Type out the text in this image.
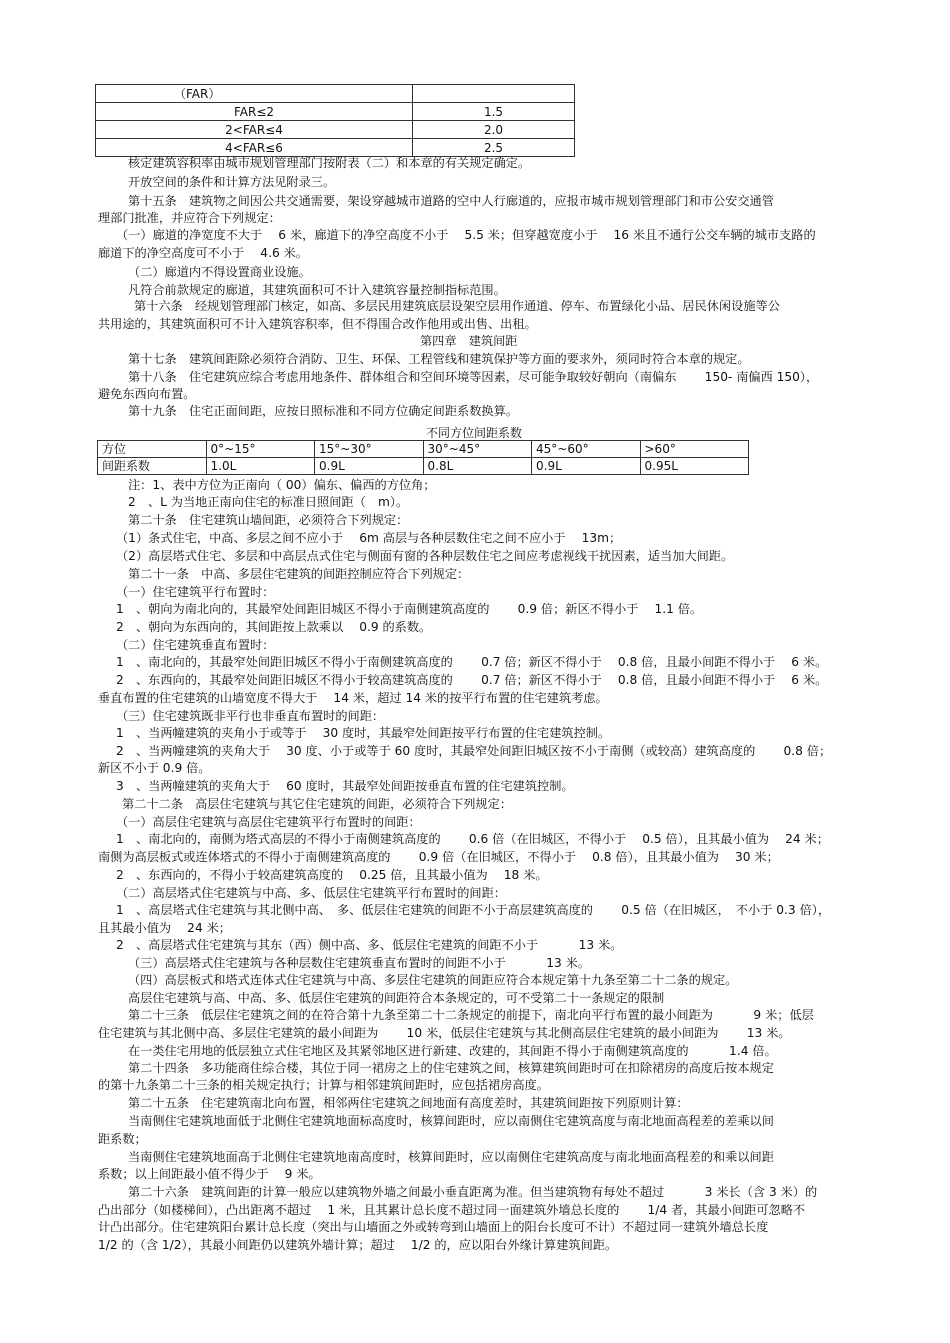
（FAR）	
FAR≤2	1.5
2<FAR≤4	2.0
4<FAR≤6	2.5
核定建筑容积率由城市规划管理部门按附表（二）和本章的有关规定确定。
开放空间的条件和计算方法见附录三。
第十五条　建筑物之间因公共交通需要，架设穿越城市道路的空中人行廊道的，应报市城市规划管理部门和市公安交通管
理部门批准，并应符合下列规定：
（一）廊道的净宽度不大于　 6 米，廊道下的净空高度不小于　 5.5 米；但穿越宽度小于　 16 米且不通行公交车辆的城市支路的
廊道下的净空高度可不小于　 4.6 米。
（二）廊道内不得设置商业设施。
凡符合前款规定的廊道，其建筑面积可不计入建筑容量控制指标范围。
第十六条　经规划管理部门核定，如高、多层民用建筑底层设架空层用作通道、停车、布置绿化小品、居民休闲设施等公
共用途的，其建筑面积可不计入建筑容积率，但不得围合改作他用或出售、出租。
第四章　建筑间距
第十七条　建筑间距除必须符合消防、卫生、环保、工程管线和建筑保护等方面的要求外，须同时符合本章的规定。
第十八条　住宅建筑应综合考虑用地条件、群体组合和空间环境等因素，尽可能争取较好朝向（南偏东　　 150- 南偏西 150），
避免东西向布置。
第十九条　住宅正面间距，应按日照标准和不同方位确定间距系数换算。
不同方位间距系数
方位	0°~15°	15°~30°	30°~45°	45°~60°	>60°
间距系数	1.0L	0.9L	0.8L	0.9L	0.95L
注：1、表中方位为正南向（ 00）偏东、偏西的方位角；
2　、L 为当地正南向住宅的标准日照间距（　m）。
第二十条　住宅建筑山墙间距，必须符合下列规定：
（1）条式住宅，中高、多层之间不应小于　 6m 高层与各种层数住宅之间不应小于　 13m；
（2）高层塔式住宅、多层和中高层点式住宅与侧面有窗的各种层数住宅之间应考虑视线干扰因素，适当加大间距。
第二十一条　中高、多层住宅建筑的间距控制应符合下列规定：
（一）住宅建筑平行布置时：
1　、朝向为南北向的，其最窄处间距旧城区不得小于南侧建筑高度的　　 0.9 倍；新区不得小于　 1.1 倍。
2　、朝向为东西向的，其间距按上款乘以　 0.9 的系数。
（二）住宅建筑垂直布置时：
1　、南北向的，其最窄处间距旧城区不得小于南侧建筑高度的　　 0.7 倍；新区不得小于　 0.8 倍，且最小间距不得小于　 6 米。
2　、东西向的，其最窄处间距旧城区不得小于较高建筑高度的　　 0.7 倍；新区不得小于　 0.8 倍，且最小间距不得小于　 6 米。
垂直布置的住宅建筑的山墙宽度不得大于　 14 米，超过 14 米的按平行布置的住宅建筑考虑。
（三）住宅建筑既非平行也非垂直布置时的间距：
1　、当两幢建筑的夹角小于或等于　 30 度时，其最窄处间距按平行布置的住宅建筑控制。
2　、当两幢建筑的夹角大于　 30 度、小于或等于 60 度时，其最窄处间距旧城区按不小于南侧（或较高）建筑高度的　　 0.8 倍；
新区不小于 0.9 倍。
3　、当两幢建筑的夹角大于　 60 度时，其最窄处间距按垂直布置的住宅建筑控制。
第二十二条　高层住宅建筑与其它住宅建筑的间距，必须符合下列规定：
（一）高层住宅建筑与高层住宅建筑平行布置时的间距：
1　、南北向的，南侧为塔式高层的不得小于南侧建筑高度的　　 0.6 倍（在旧城区，不得小于　 0.5 倍），且其最小值为　 24 米；
南侧为高层板式或连体塔式的不得小于南侧建筑高度的　　 0.9 倍（在旧城区，不得小于　 0.8 倍），且其最小值为　 30 米；
2　、东西向的，不得小于较高建筑高度的　 0.25 倍，且其最小值为　 18 米。
（二）高层塔式住宅建筑与中高、多、低层住宅建筑平行布置时的间距：
1　、高层塔式住宅建筑与其北侧中高、　多、低层住宅建筑的间距不小于高层建筑高度的　　 0.5 倍（在旧城区，　不小于 0.3 倍），
且其最小值为　 24 米；
2　、高层塔式住宅建筑与其东（西）侧中高、多、低层住宅建筑的间距不小于　　　 13 米。
（三）高层塔式住宅建筑与各种层数住宅建筑垂直布置时的间距不小于　　　 13 米。
（四）高层板式和塔式连体式住宅建筑与中高、多层住宅建筑的间距应符合本规定第十九条至第二十二条的规定。
高层住宅建筑与高、中高、多、低层住宅建筑的间距符合本条规定的，可不受第二十一条规定的限制
第二十三条　低层住宅建筑之间的在符合第十九条至第二十二条规定的前提下，南北向平行布置的最小间距为　　　 9 米；低层
住宅建筑与其北侧中高、多层住宅建筑的最小间距为　　 10 米，低层住宅建筑与其北侧高层住宅建筑的最小间距为　　 13 米。
在一类住宅用地的低层独立式住宅地区及其紧邻地区进行新建、改建的，其间距不得小于南侧建筑高度的　　　 1.4 倍。
第二十四条　多功能商住综合楼，其位于同一裙房之上的住宅建筑之间，核算建筑间距时可在扣除裙房的高度后按本规定
的第十九条第二十三条的相关规定执行；计算与相邻建筑间距时，应包括裙房高度。
第二十五条　住宅建筑南北向布置，相邻两住宅建筑之间地面有高度差时，其建筑间距按下列原则计算：
当南侧住宅建筑地面低于北侧住宅建筑地面标高度时，核算间距时，应以南侧住宅建筑高度与南北地面高程差的差乘以间
距系数；
当南侧住宅建筑地面高于北侧住宅建筑地南高度时，核算间距时，应以南侧住宅建筑高度与南北地面高程差的和乘以间距
系数；以上间距最小值不得少于　 9 米。
第二十六条　建筑间距的计算一般应以建筑物外墙之间最小垂直距离为准。但当建筑物有每处不超过　　　 3 米长（含 3 米）的
凸出部分（如楼梯间），凸出距离不超过　 1 米，且其累计总长度不超过同一面建筑外墙总长度的　　 1/4 者，其最小间距可忽略不
计凸出部分。住宅建筑阳台累计总长度（突出与山墙面之外或转弯到山墙面上的阳台长度可不计）不超过同一建筑外墙总长度
1/2 的（含 1/2），其最小间距仍以建筑外墙计算；超过　 1/2 的，应以阳台外缘计算建筑间距。
